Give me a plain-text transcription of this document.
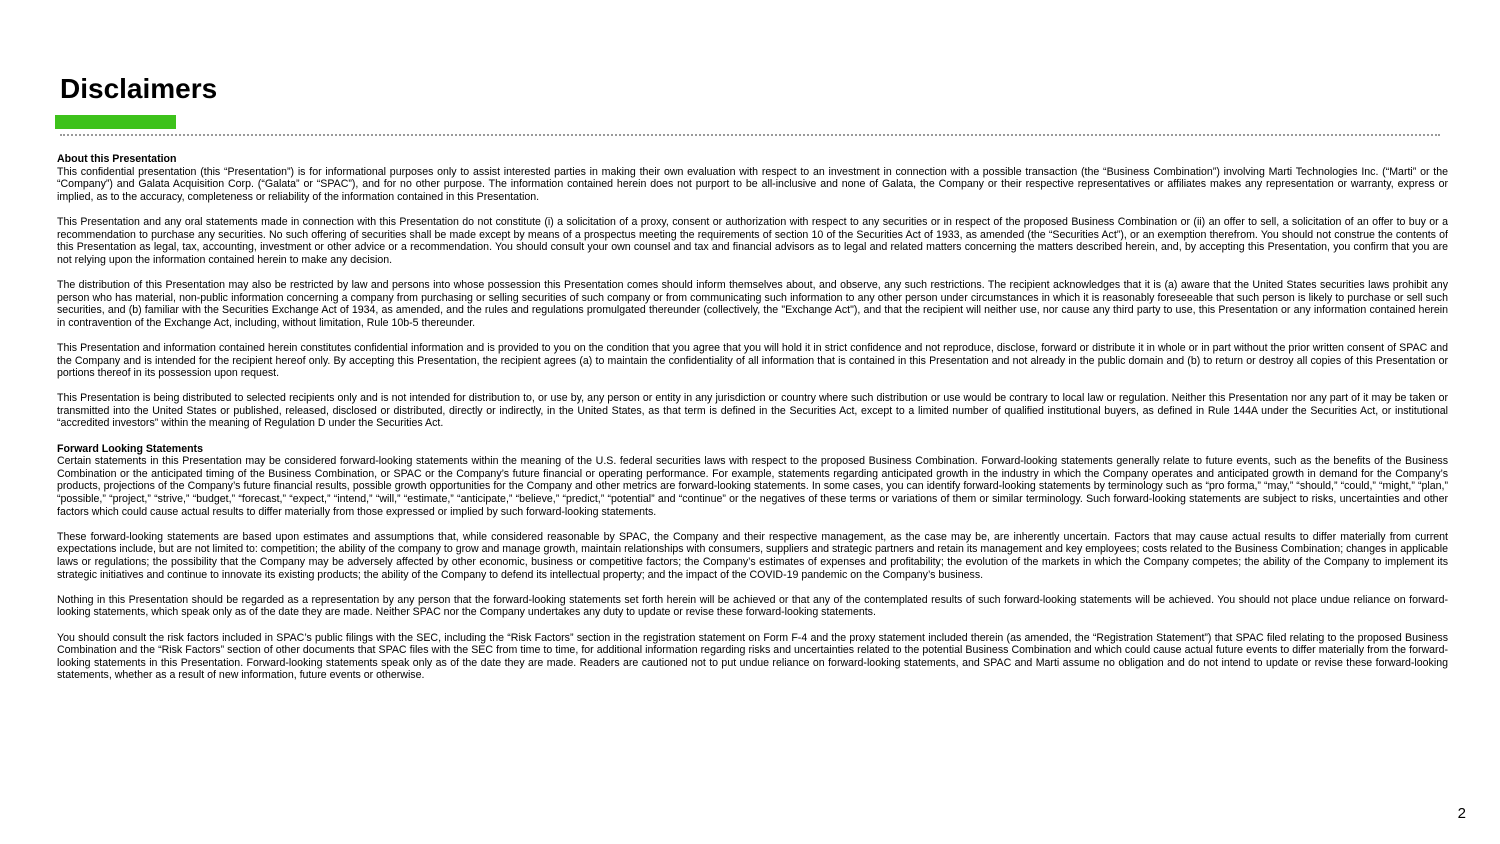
Disclaimers

About this Presentation

This confidential presentation (this “Presentation”) is for informational purposes only to assist interested parties in making their own evaluation with respect to an investment in connection with a possible transaction (the “Business Combination”) involving Marti Technologies Inc. (“Marti” or the “Company”) and Galata Acquisition Corp. (“Galata” or “SPAC”), and for no other purpose. The information contained herein does not purport to be all-inclusive and none of Galata, the Company or their respective representatives or affiliates makes any representation or warranty, express or implied, as to the accuracy, completeness or reliability of the information contained in this Presentation.

This Presentation and any oral statements made in connection with this Presentation do not constitute (i) a solicitation of a proxy, consent or authorization with respect to any securities or in respect of the proposed Business Combination or (ii) an offer to sell, a solicitation of an offer to buy or a recommendation to purchase any securities. No such offering of securities shall be made except by means of a prospectus meeting the requirements of section 10 of the Securities Act of 1933, as amended (the “Securities Act”), or an exemption therefrom. You should not construe the contents of this Presentation as legal, tax, accounting, investment or other advice or a recommendation. You should consult your own counsel and tax and financial advisors as to legal and related matters concerning the matters described herein, and, by accepting this Presentation, you confirm that you are not relying upon the information contained herein to make any decision.

The distribution of this Presentation may also be restricted by law and persons into whose possession this Presentation comes should inform themselves about, and observe, any such restrictions. The recipient acknowledges that it is (a) aware that the United States securities laws prohibit any person who has material, non-public information concerning a company from purchasing or selling securities of such company or from communicating such information to any other person under circumstances in which it is reasonably foreseeable that such person is likely to purchase or sell such securities, and (b) familiar with the Securities Exchange Act of 1934, as amended, and the rules and regulations promulgated thereunder (collectively, the "Exchange Act"), and that the recipient will neither use, nor cause any third party to use, this Presentation or any information contained herein in contravention of the Exchange Act, including, without limitation, Rule 10b-5 thereunder.

This Presentation and information contained herein constitutes confidential information and is provided to you on the condition that you agree that you will hold it in strict confidence and not reproduce, disclose, forward or distribute it in whole or in part without the prior written consent of SPAC and the Company and is intended for the recipient hereof only. By accepting this Presentation, the recipient agrees (a) to maintain the confidentiality of all information that is contained in this Presentation and not already in the public domain and (b) to return or destroy all copies of this Presentation or portions thereof in its possession upon request.

This Presentation is being distributed to selected recipients only and is not intended for distribution to, or use by, any person or entity in any jurisdiction or country where such distribution or use would be contrary to local law or regulation. Neither this Presentation nor any part of it may be taken or transmitted into the United States or published, released, disclosed or distributed, directly or indirectly, in the United States, as that term is defined in the Securities Act, except to a limited number of qualified institutional buyers, as defined in Rule 144A under the Securities Act, or institutional “accredited investors” within the meaning of Regulation D under the Securities Act.

Forward Looking Statements

Certain statements in this Presentation may be considered forward-looking statements within the meaning of the U.S. federal securities laws with respect to the proposed Business Combination. Forward-looking statements generally relate to future events, such as the benefits of the Business Combination or the anticipated timing of the Business Combination, or SPAC or the Company’s future financial or operating performance. For example, statements regarding anticipated growth in the industry in which the Company operates and anticipated growth in demand for the Company’s products, projections of the Company’s future financial results, possible growth opportunities for the Company and other metrics are forward-looking statements. In some cases, you can identify forward-looking statements by terminology such as “pro forma,” “may,” “should,” “could,” “might,” “plan,” “possible,” “project,” “strive,” “budget,” “forecast,” “expect,” “intend,” “will,” “estimate,” “anticipate,” “believe,” “predict,” “potential” and “continue” or the negatives of these terms or variations of them or similar terminology. Such forward-looking statements are subject to risks, uncertainties and other factors which could cause actual results to differ materially from those expressed or implied by such forward-looking statements.

These forward-looking statements are based upon estimates and assumptions that, while considered reasonable by SPAC, the Company and their respective management, as the case may be, are inherently uncertain. Factors that may cause actual results to differ materially from current expectations include, but are not limited to: competition; the ability of the company to grow and manage growth, maintain relationships with consumers, suppliers and strategic partners and retain its management and key employees; costs related to the Business Combination; changes in applicable laws or regulations; the possibility that the Company may be adversely affected by other economic, business or competitive factors; the Company’s estimates of expenses and profitability; the evolution of the markets in which the Company competes; the ability of the Company to implement its strategic initiatives and continue to innovate its existing products; the ability of the Company to defend its intellectual property; and the impact of the COVID-19 pandemic on the Company’s business.

Nothing in this Presentation should be regarded as a representation by any person that the forward-looking statements set forth herein will be achieved or that any of the contemplated results of such forward-looking statements will be achieved. You should not place undue reliance on forward-looking statements, which speak only as of the date they are made. Neither SPAC nor the Company undertakes any duty to update or revise these forward-looking statements.

You should consult the risk factors included in SPAC’s public filings with the SEC, including the “Risk Factors” section in the registration statement on Form F-4 and the proxy statement included therein (as amended, the “Registration Statement”) that SPAC filed relating to the proposed Business Combination and the “Risk Factors” section of other documents that SPAC files with the SEC from time to time, for additional information regarding risks and uncertainties related to the potential Business Combination and which could cause actual future events to differ materially from the forward-looking statements in this Presentation. Forward-looking statements speak only as of the date they are made. Readers are cautioned not to put undue reliance on forward-looking statements, and SPAC and Marti assume no obligation and do not intend to update or revise these forward-looking statements, whether as a result of new information, future events or otherwise.

2
